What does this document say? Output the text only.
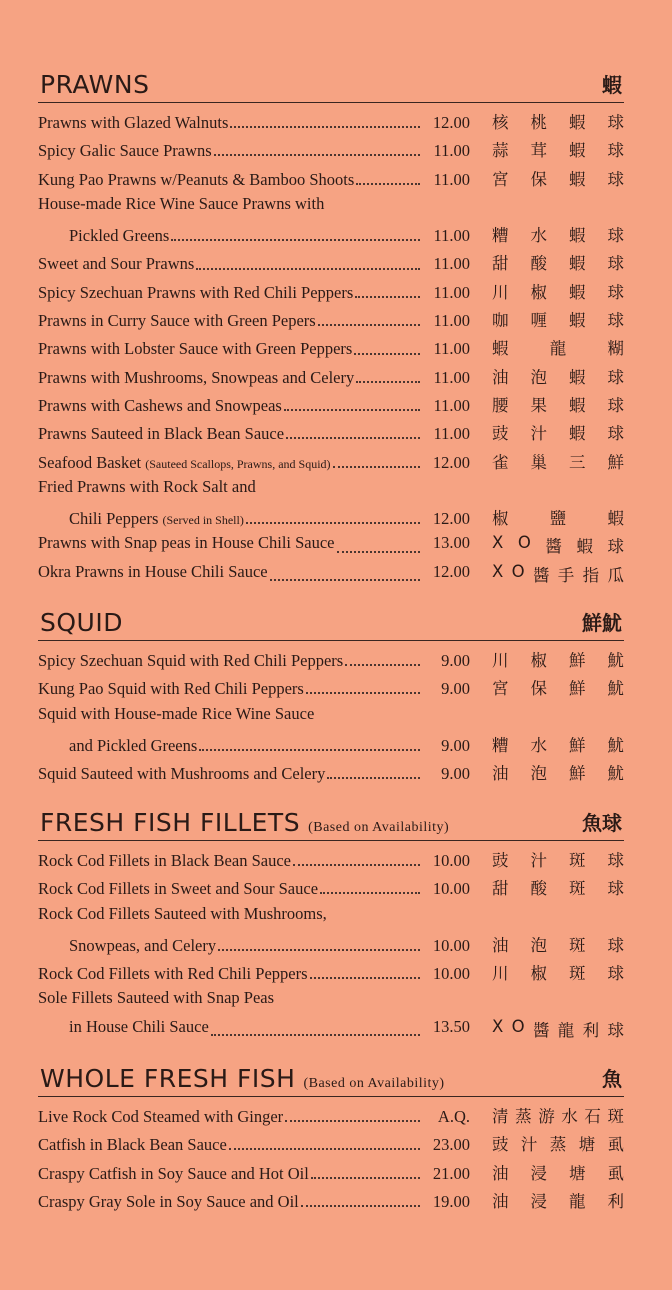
PRAWNS	蝦
Prawns with Glazed Walnuts	12.00 核 桃 蝦 球
Spicy Galic Sauce Prawns	11.00 蒜 茸 蝦 球
Kung Pao Prawns w/Peanuts & Bamboo Shoots	11.00 宮 保 蝦 球
House-made Rice Wine Sauce Prawns with
Pickled Greens	11.00 糟 水 蝦 球
Sweet and Sour Prawns	11.00 甜 酸 蝦 球
Spicy Szechuan Prawns with Red Chili Peppers	11.00 川 椒 蝦 球
Prawns in Curry Sauce with Green Pepers	11.00 咖 喱 蝦 球
Prawns with Lobster Sauce with Green Peppers	11.00 蝦	龍	糊
Prawns with Mushrooms, Snowpeas and Celery	11.00 油 泡 蝦 球
Prawns with Cashews and Snowpeas	11.00 腰 果 蝦 球
Prawns Sauteed in Black Bean Sauce	11.00 豉 汁 蝦 球
Seafood Basket (Sauteed Scallops, Prawns, and Squid)	12.00 雀 巢 三 鮮
Fried Prawns with Rock Salt and
Chili Peppers (Served in Shell)	12.00 椒	鹽	蝦
Prawns with Snap peas in House Chili Sauce	13.00 X O 醬 蝦 球
Okra Prawns in House Chili Sauce	12.00 X O 醬 手 指 瓜
SQUID	鮮魷
Spicy Szechuan Squid with Red Chili Peppers	9.00 川 椒 鮮 魷
Kung Pao Squid with Red Chili Peppers	9.00 宮 保 鮮 魷
Squid with House-made Rice Wine Sauce
and Pickled Greens	9.00 糟 水 鮮 魷
Squid Sauteed with Mushrooms and Celery	9.00 油 泡 鮮 魷
FRESH FISH FILLETS (Based on Availability)	魚球
Rock Cod Fillets in Black Bean Sauce	10.00 豉 汁 斑 球
Rock Cod Fillets in Sweet and Sour Sauce	10.00 甜 酸 斑 球
Rock Cod Fillets Sauteed with Mushrooms,
Snowpeas, and Celery	10.00 油 泡 斑 球
Rock Cod Fillets with Red Chili Peppers	10.00 川 椒 斑 球
Sole Fillets Sauteed with Snap Peas
in House Chili Sauce	13.50 X O 醬 龍 利 球
WHOLE FRESH FISH (Based on Availability)	魚
Live Rock Cod Steamed with Ginger	A.Q. 清 蒸 游 水 石 斑
Catfish in Black Bean Sauce	23.00 豉 汁 蒸 塘 虱
Craspy Catfish in Soy Sauce and Hot Oil	21.00 油 浸 塘 虱
Craspy Gray Sole in Soy Sauce and Oil	19.00 油 浸 龍 利
